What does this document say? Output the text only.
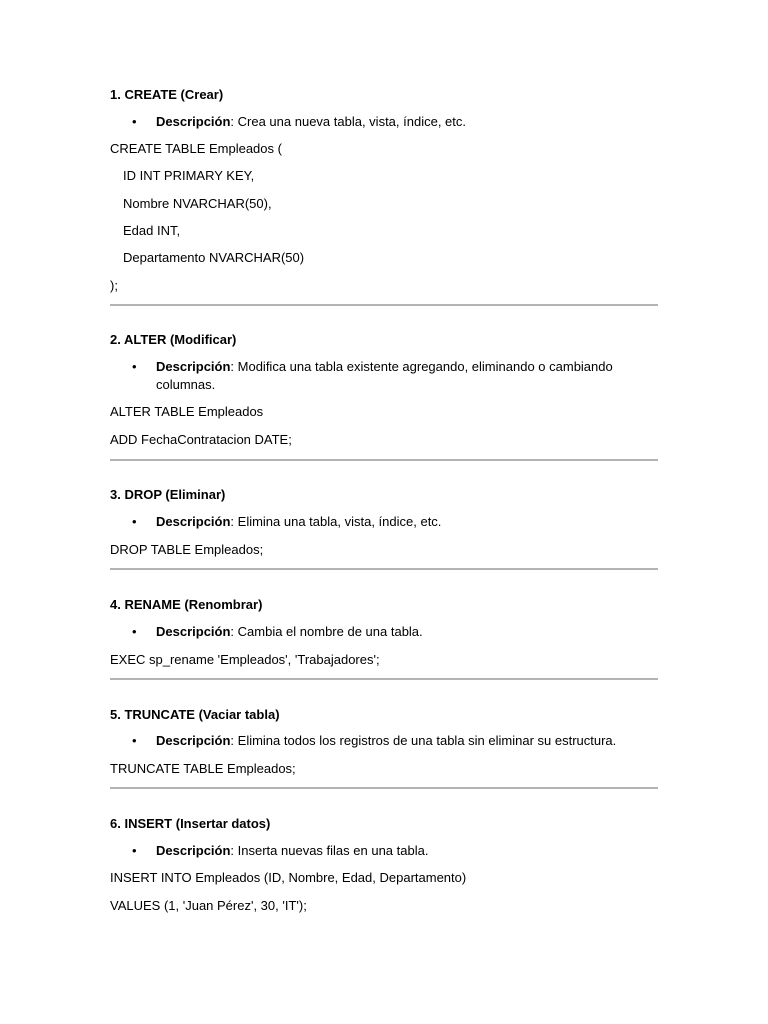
1. CREATE (Crear)
• Descripción: Crea una nueva tabla, vista, índice, etc.
CREATE TABLE Empleados (
ID INT PRIMARY KEY,
Nombre NVARCHAR(50),
Edad INT,
Departamento NVARCHAR(50)
);
2. ALTER (Modificar)
• Descripción: Modifica una tabla existente agregando, eliminando o cambiando columnas.
ALTER TABLE Empleados
ADD FechaContratacion DATE;
3. DROP (Eliminar)
• Descripción: Elimina una tabla, vista, índice, etc.
DROP TABLE Empleados;
4. RENAME (Renombrar)
• Descripción: Cambia el nombre de una tabla.
EXEC sp_rename 'Empleados', 'Trabajadores';
5. TRUNCATE (Vaciar tabla)
• Descripción: Elimina todos los registros de una tabla sin eliminar su estructura.
TRUNCATE TABLE Empleados;
6. INSERT (Insertar datos)
• Descripción: Inserta nuevas filas en una tabla.
INSERT INTO Empleados (ID, Nombre, Edad, Departamento)
VALUES (1, 'Juan Pérez', 30, 'IT');
